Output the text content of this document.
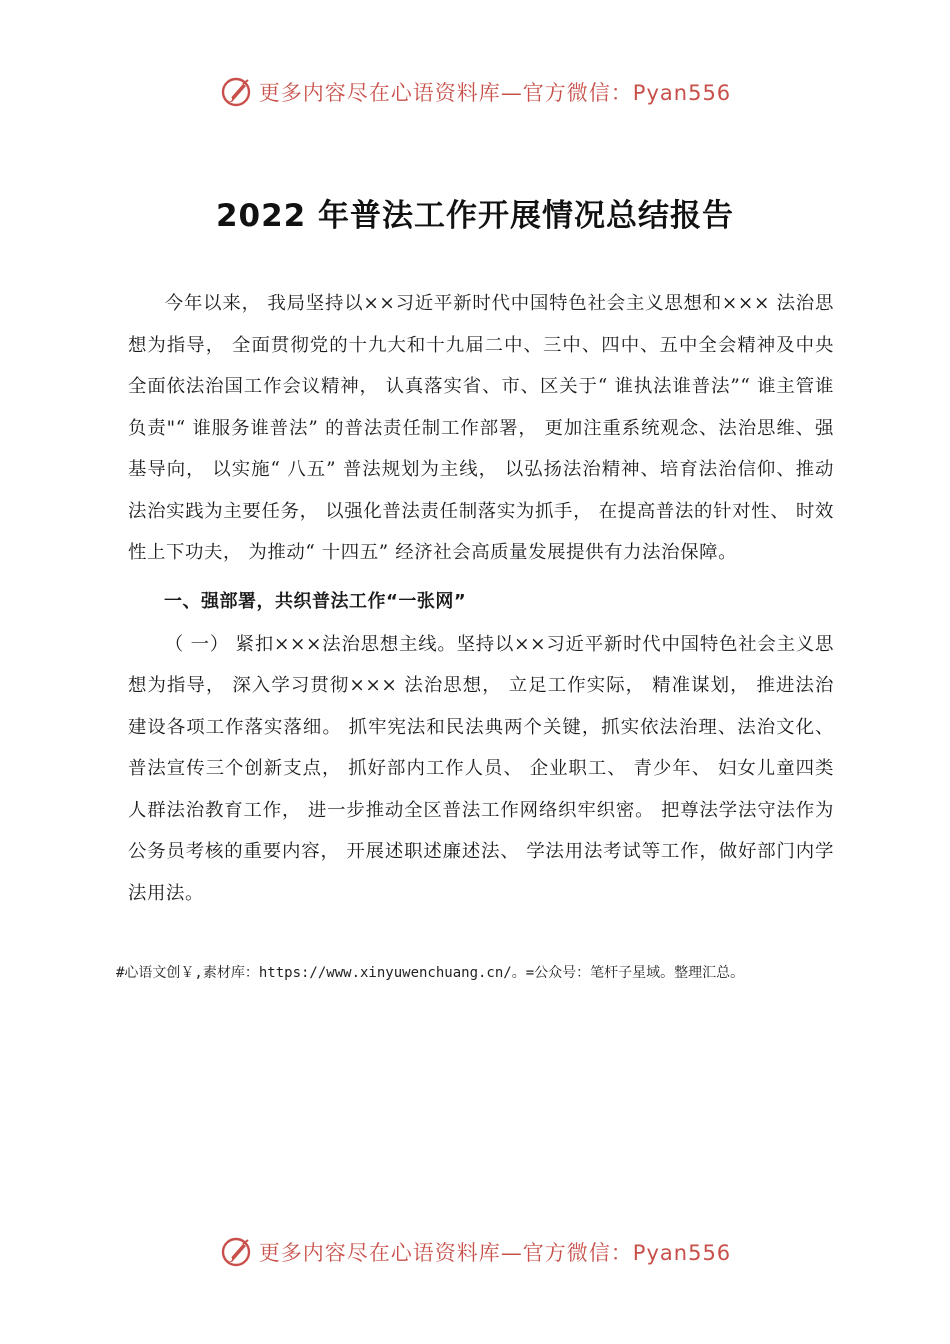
更多内容尽在心语资料库—官方微信：Pyan556
2022 年普法工作开展情况总结报告

今年以来， 我局坚持以××习近平新时代中国特色社会主义思想和××× 法治思想为指导， 全面贯彻党的十九大和十九届二中、三中、四中、五中全会精神及中央全面依法治国工作会议精神， 认真落实省、市、区关于“ 谁执法谁普法”“ 谁主管谁负责"“ 谁服务谁普法” 的普法责任制工作部署， 更加注重系统观念、法治思维、强基导向， 以实施“ 八五” 普法规划为主线， 以弘扬法治精神、培育法治信仰、推动法治实践为主要任务， 以强化普法责任制落实为抓手， 在提高普法的针对性、 时效性上下功夫， 为推动“ 十四五” 经济社会高质量发展提供有力法治保障。

一、强部署，共织普法工作“一张网”

（ 一） 紧扣×××法治思想主线。坚持以××习近平新时代中国特色社会主义思想为指导， 深入学习贯彻××× 法治思想， 立足工作实际， 精准谋划， 推进法治建设各项工作落实落细。 抓牢宪法和民法典两个关键，抓实依法治理、法治文化、普法宣传三个创新支点， 抓好部内工作人员、 企业职工、 青少年、 妇女儿童四类人群法治教育工作， 进一步推动全区普法工作网络织牢织密。 把尊法学法守法作为公务员考核的重要内容， 开展述职述廉述法、 学法用法考试等工作，做好部门内学法用法。

#心语文创￥,素材库：https://www.xinyuwenchuang.cn/。=公众号：笔杆子星域。整理汇总。
更多内容尽在心语资料库—官方微信：Pyan556
